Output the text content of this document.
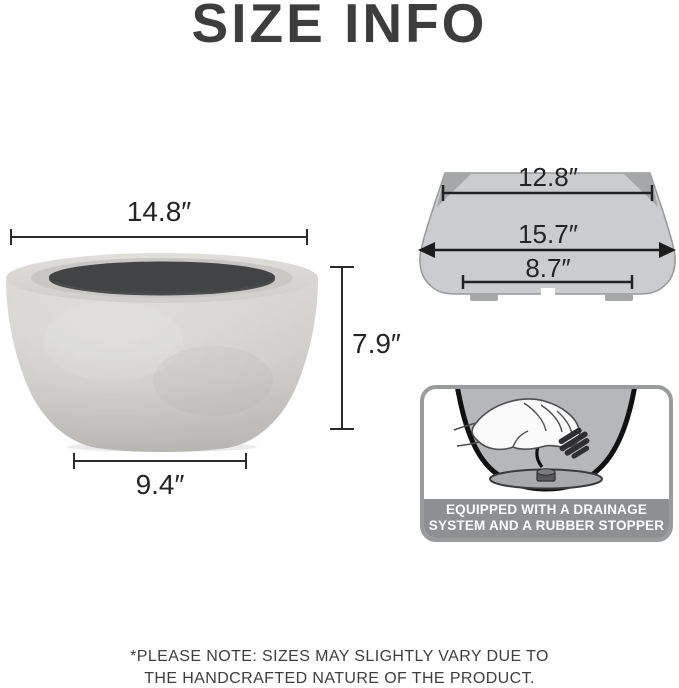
SIZE INFO
14.8″
7.9″
9.4″
12.8″
15.7″
8.7″
EQUIPPED WITH A DRAINAGE
SYSTEM AND A RUBBER STOPPER
*PLEASE NOTE: SIZES MAY SLIGHTLY VARY DUE TO
THE HANDCRAFTED NATURE OF THE PRODUCT.
